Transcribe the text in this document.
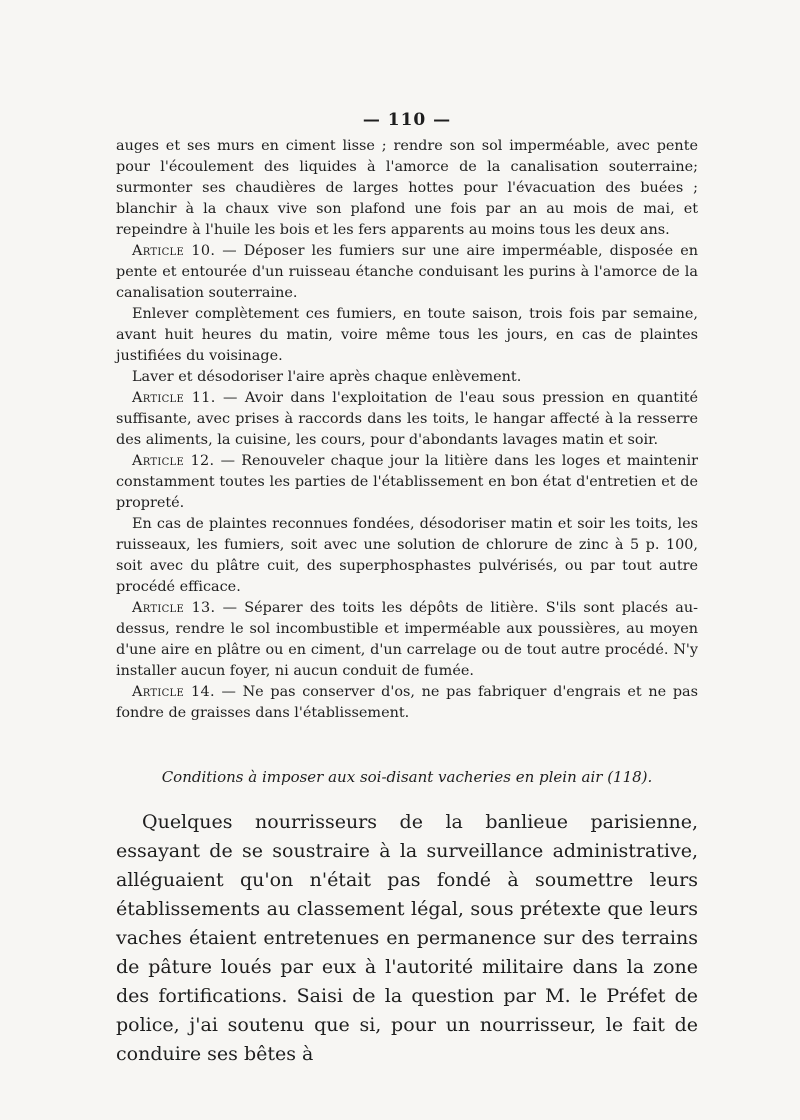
— 110 —

auges et ses murs en ciment lisse ; rendre son sol imperméable, avec pente pour l'écoulement des liquides à l'amorce de la canalisation souterraine; surmonter ses chaudières de larges hottes pour l'évacuation des buées ; blanchir à la chaux vive son plafond une fois par an au mois de mai, et repeindre à l'huile les bois et les fers apparents au moins tous les deux ans.

Article 10. — Déposer les fumiers sur une aire imperméable, disposée en pente et entourée d'un ruisseau étanche conduisant les purins à l'amorce de la canalisation souterraine.

Enlever complètement ces fumiers, en toute saison, trois fois par semaine, avant huit heures du matin, voire même tous les jours, en cas de plaintes justifiées du voisinage.

Laver et désodoriser l'aire après chaque enlèvement.

Article 11. — Avoir dans l'exploitation de l'eau sous pression en quantité suffisante, avec prises à raccords dans les toits, le hangar affecté à la resserre des aliments, la cuisine, les cours, pour d'abondants lavages matin et soir.

Article 12. — Renouveler chaque jour la litière dans les loges et maintenir constamment toutes les parties de l'établissement en bon état d'entretien et de propreté.

En cas de plaintes reconnues fondées, désodoriser matin et soir les toits, les ruisseaux, les fumiers, soit avec une solution de chlorure de zinc à 5 p. 100, soit avec du plâtre cuit, des superphosphastes pulvérisés, ou par tout autre procédé efficace.

Article 13. — Séparer des toits les dépôts de litière. S'ils sont placés au-dessus, rendre le sol incombustible et imperméable aux poussières, au moyen d'une aire en plâtre ou en ciment, d'un carrelage ou de tout autre procédé. N'y installer aucun foyer, ni aucun conduit de fumée.

Article 14. — Ne pas conserver d'os, ne pas fabriquer d'engrais et ne pas fondre de graisses dans l'établissement.

Conditions à imposer aux soi-disant vacheries en plein air (118).

Quelques nourrisseurs de la banlieue parisienne, essayant de se soustraire à la surveillance administrative, alléguaient qu'on n'était pas fondé à soumettre leurs établissements au classement légal, sous prétexte que leurs vaches étaient entretenues en permanence sur des terrains de pâture loués par eux à l'autorité militaire dans la zone des fortifications. Saisi de la question par M. le Préfet de police, j'ai soutenu que si, pour un nourrisseur, le fait de conduire ses bêtes à
